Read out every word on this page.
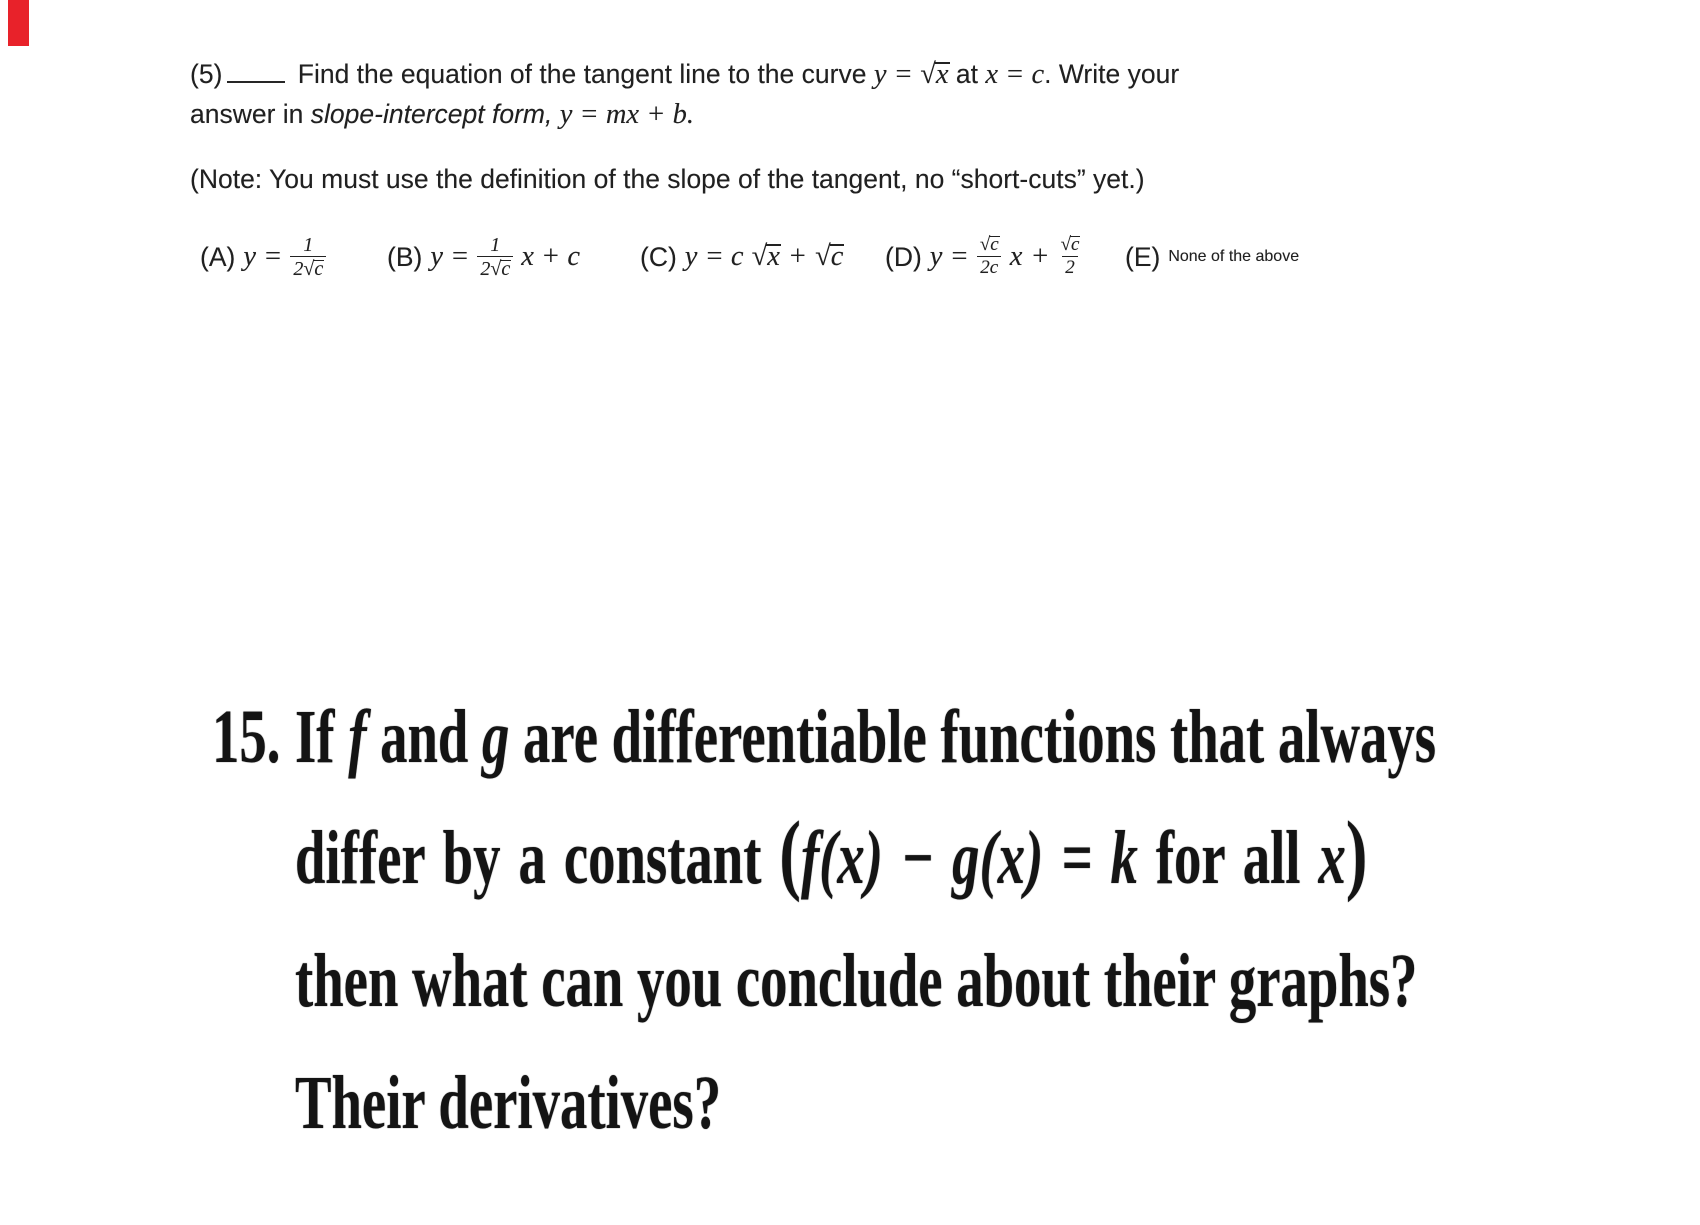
(5)	Find the equation of the tangent line to the curve y = √x at x = c. Write your
answer in slope-intercept form, y = mx + b.
(Note: You must use the definition of the slope of the tangent, no “short-cuts” yet.)
(A) $y = \frac{1}{2√c} (B) y = \frac{1}{2√c}$ x + c (C) y = c √x + √c (D) $y = \frac{√c}{2c}$ $x + \frac{√c}{2} (E)$ None of the above
15. If f and g are differentiable functions that always
differ by a constant (f(x) − g(x) = k for all x)
then what can you conclude about their graphs?
Their derivatives?
